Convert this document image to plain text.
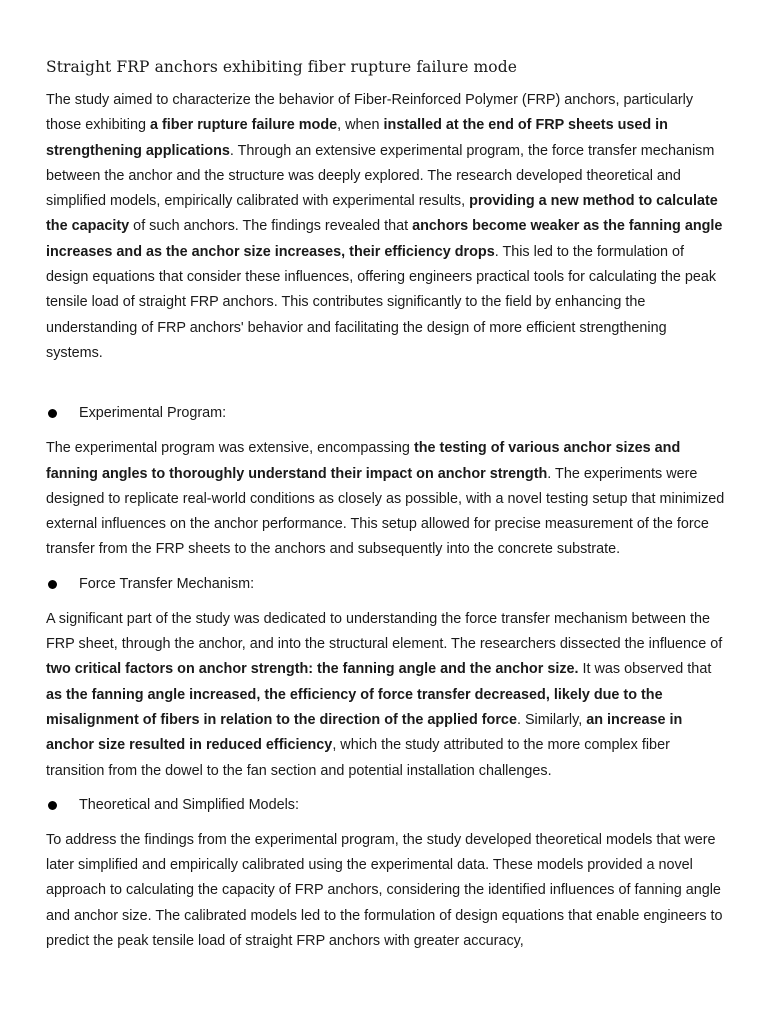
Straight FRP anchors exhibiting fiber rupture failure mode

The study aimed to characterize the behavior of Fiber-Reinforced Polymer (FRP) anchors, particularly those exhibiting a fiber rupture failure mode, when installed at the end of FRP sheets used in strengthening applications. Through an extensive experimental program, the force transfer mechanism between the anchor and the structure was deeply explored. The research developed theoretical and simplified models, empirically calibrated with experimental results, providing a new method to calculate the capacity of such anchors. The findings revealed that anchors become weaker as the fanning angle increases and as the anchor size increases, their efficiency drops. This led to the formulation of design equations that consider these influences, offering engineers practical tools for calculating the peak tensile load of straight FRP anchors. This contributes significantly to the field by enhancing the understanding of FRP anchors' behavior and facilitating the design of more efficient strengthening systems.

Experimental Program:

The experimental program was extensive, encompassing the testing of various anchor sizes and fanning angles to thoroughly understand their impact on anchor strength. The experiments were designed to replicate real-world conditions as closely as possible, with a novel testing setup that minimized external influences on the anchor performance. This setup allowed for precise measurement of the force transfer from the FRP sheets to the anchors and subsequently into the concrete substrate.

Force Transfer Mechanism:

A significant part of the study was dedicated to understanding the force transfer mechanism between the FRP sheet, through the anchor, and into the structural element. The researchers dissected the influence of two critical factors on anchor strength: the fanning angle and the anchor size. It was observed that as the fanning angle increased, the efficiency of force transfer decreased, likely due to the misalignment of fibers in relation to the direction of the applied force. Similarly, an increase in anchor size resulted in reduced efficiency, which the study attributed to the more complex fiber transition from the dowel to the fan section and potential installation challenges.

Theoretical and Simplified Models:

To address the findings from the experimental program, the study developed theoretical models that were later simplified and empirically calibrated using the experimental data. These models provided a novel approach to calculating the capacity of FRP anchors, considering the identified influences of fanning angle and anchor size. The calibrated models led to the formulation of design equations that enable engineers to predict the peak tensile load of straight FRP anchors with greater accuracy,
